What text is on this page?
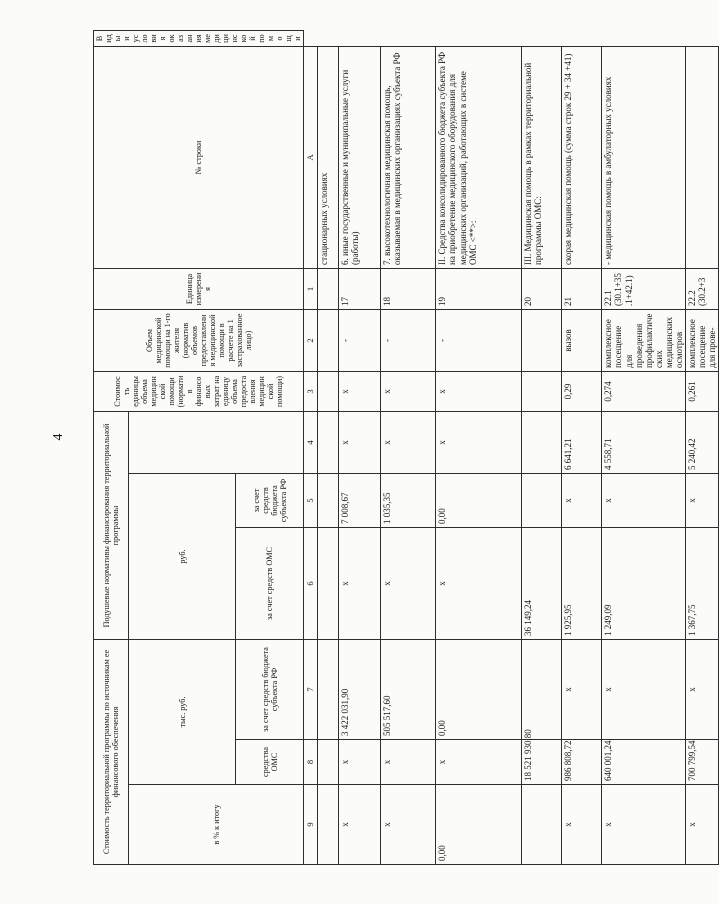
4
Стоимость территориальной программы по источникам ее финансового обеспечения			Подушевые нормативы финансирования территориальной программы			Стоимость единицы объема медицинской помощи (норматив финансовых затрат на единицу объема предоставления медицинской помощи)	Объем медицинской помощи на 1-го жителя (норматив объемов предоставления медицинской помощи в расчете на 1 застрахованное лицо)	Единица измерения	№ строки	Виды и условия оказания медицинской помощи
в % к итогу	тыс. руб.		руб.							
	средства ОМС	за счет средств бюджета субъекта РФ	за счет средств ОМС	за счет средств бюджета субъекта РФ						
9	8	7	6	5	4	3	2	1	А	
									стационарных условиях	
x	x	3 422 031,90	x	7 008,67	x	x	-	17	6. иные государственные и муниципальные услуги (работы)	
x	x	505 517,60	x	1 035,35	x	x	-	18	7. высокотехнологичная медицинская помощь, оказываемая в медицинских организациях субъекта РФ	
0,00	x	0,00	x	0,00	x	x	-	19	II. Средства консолидированного бюджета субъекта РФ на приобретение медицинского оборудования для медицинских организаций, работающих в системе ОМС <**>:	
	18 521 930,80		36 149,24					20	III. Медицинская помощь в рамках территориальной программы ОМС:	
x	986 808,72	x	1 925,95	x	6 641,21	0,29	вызов	21	скорая медицинская помощь (сумма строк 29 + 34 +41)	
x	640 001,24	x	1 249,09	x	4 558,71	0,274	комплексное посещение для проведения профилактических медицинских осмотров	22.1 (30.1+35.1+42.1)	- медицинская помощь в амбулаторных условиях	
x	700 799,54	x	1 367,75	x	5 240,42	0,261	комплексное посещение для прове-	22.2 (30.2+3		
